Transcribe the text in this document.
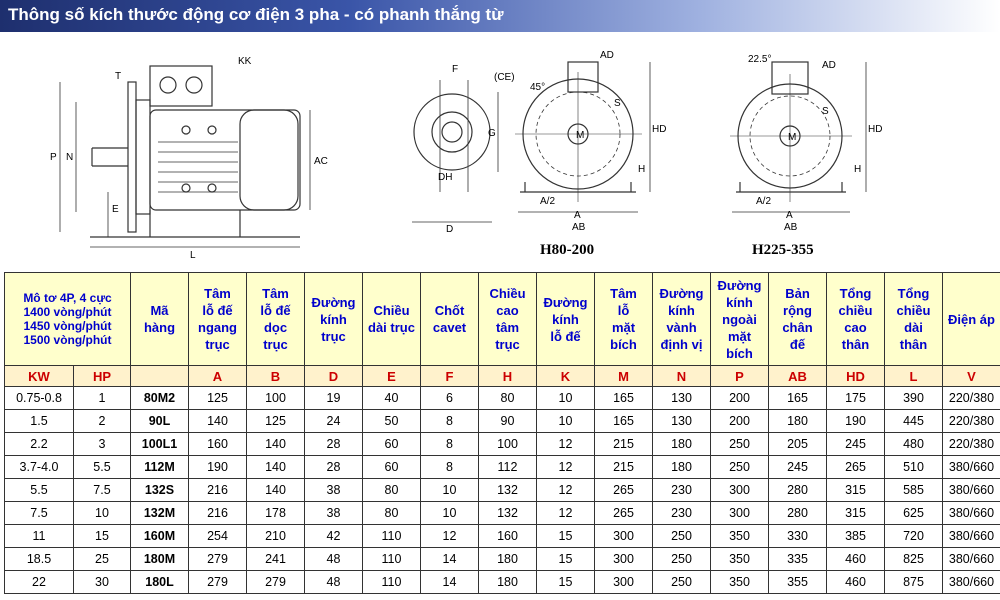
Thông số kích thước động cơ điện 3 pha - có phanh thắng từ
T
KK
P N	AC
E
L
F
(CE)
G
DH
D
AD
45°
S
M
HD
H
A/2
A
AB
H80-200
22.5°
AD
M
S
HD
H
A/2
A
AB
H225-355
Mô tơ 4P, 4 cực
1400 vòng/phút
1450 vòng/phút
1500 vòng/phút		Mã
hàng	Tâm
lỗ đế
ngang
trục	Tâm
lỗ đế
dọc
trục	Đường
kính
trục	Chiều
dài trục	Chốt
cavet	Chiều
cao
tâm
trục	Đường
kính
lỗ đế	Tâm
lỗ
mặt
bích	Đường
kính
vành
định vị	Đường
kính
ngoài
mặt
bích	Bản
rộng
chân
đế	Tổng
chiều
cao
thân	Tổng
chiều
dài
thân	Điện áp
KW	HP		A	B	D	E	F	H	K	M	N	P	AB	HD	L	V
0.75-0.8	1	80M2	125	100	19	40	6	80	10	165	130	200	165	175	390	220/380
1.5	2	90L	140	125	24	50	8	90	10	165	130	200	180	190	445	220/380
2.2	3	100L1	160	140	28	60	8	100	12	215	180	250	205	245	480	220/380
3.7-4.0	5.5	112M	190	140	28	60	8	112	12	215	180	250	245	265	510	380/660
5.5	7.5	132S	216	140	38	80	10	132	12	265	230	300	280	315	585	380/660
7.5	10	132M	216	178	38	80	10	132	12	265	230	300	280	315	625	380/660
11	15	160M	254	210	42	110	12	160	15	300	250	350	330	385	720	380/660
18.5	25	180M	279	241	48	110	14	180	15	300	250	350	335	460	825	380/660
22	30	180L	279	279	48	110	14	180	15	300	250	350	355	460	875	380/660
